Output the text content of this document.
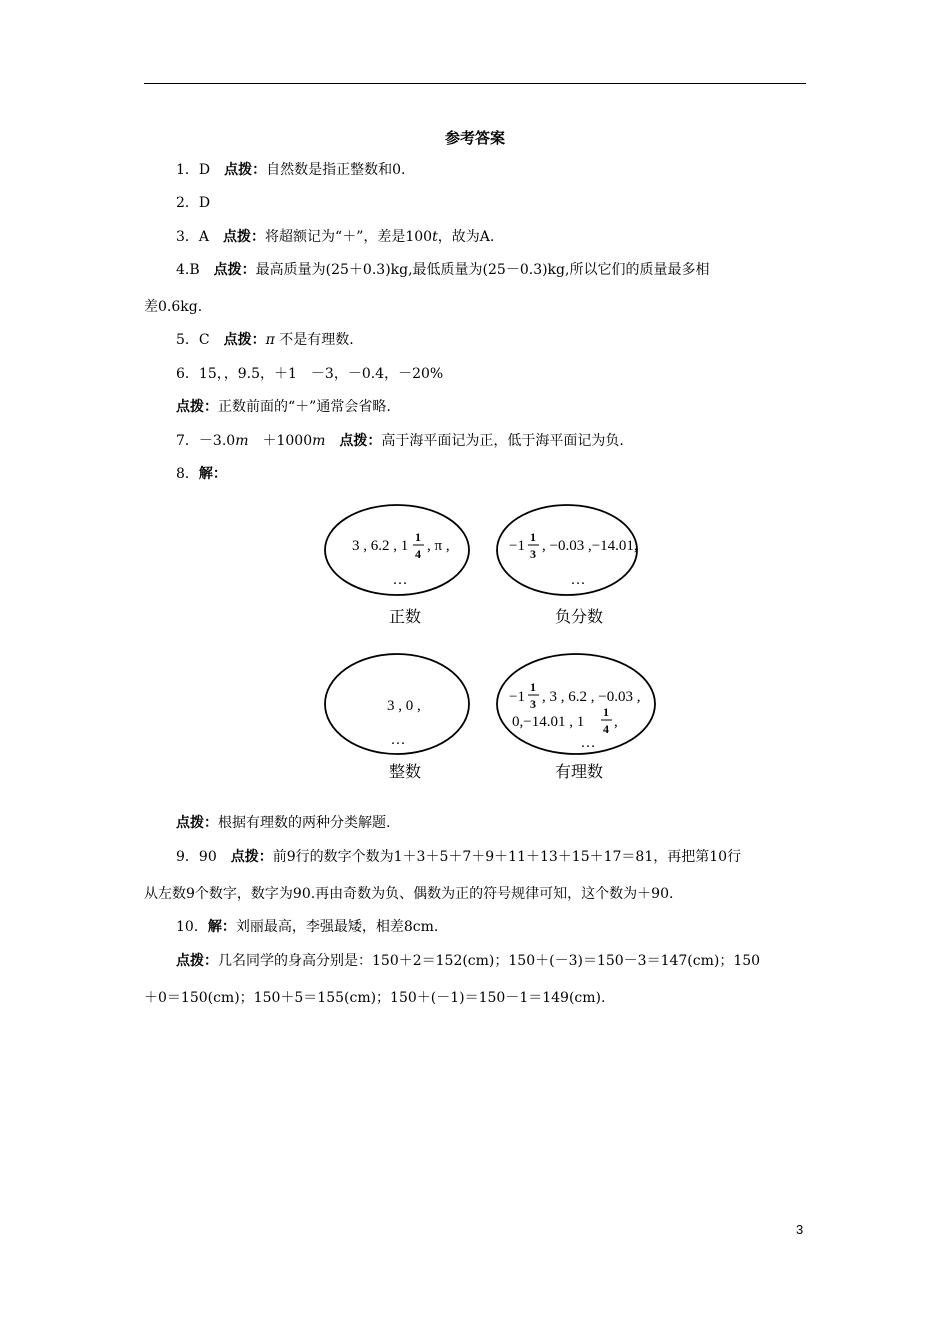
参考答案
1．D　 点拨：自然数是指正整数和0.
2．D
3．A　 点拨：将超额记为“＋”，差是100t，故为A.
4.B　 点拨：最高质量为(25＋0.3)kg,最低质量为(25－0.3)kg,所以它们的质量最多相
差0.6kg.
5．C　 点拨：π 不是有理数.
6．15，，9.5，＋1　－3，－0.4，－20%
点拨：正数前面的“＋”通常会省略.
7．－3.0m　 ＋1000m　 点拨：高于海平面记为正，低于海平面记为负.
8．解：
3 , 6.2 , 1
1
4 , π ,
…
正数
−1
1
3 , −0.03 ,−14.01,
…
负分数
3 , 0 ,
…
整数
−1
1
3 , 3 , 6.2 , −0.03 ,
0,−14.01 , 1
1
4 ,
…
有理数
点拨：根据有理数的两种分类解题.
9．90　 点拨：前9行的数字个数为1＋3＋5＋7＋9＋11＋13＋15＋17＝81，再把第10行
从左数9个数字，数字为90.再由奇数为负、偶数为正的符号规律可知，这个数为＋90.
10．解：刘丽最高，李强最矮，相差8cm.
点拨：几名同学的身高分别是：150＋2＝152(cm)；150＋(－3)＝150－3＝147(cm)；150
＋0＝150(cm)；150＋5＝155(cm)；150＋(－1)＝150－1＝149(cm).
3
